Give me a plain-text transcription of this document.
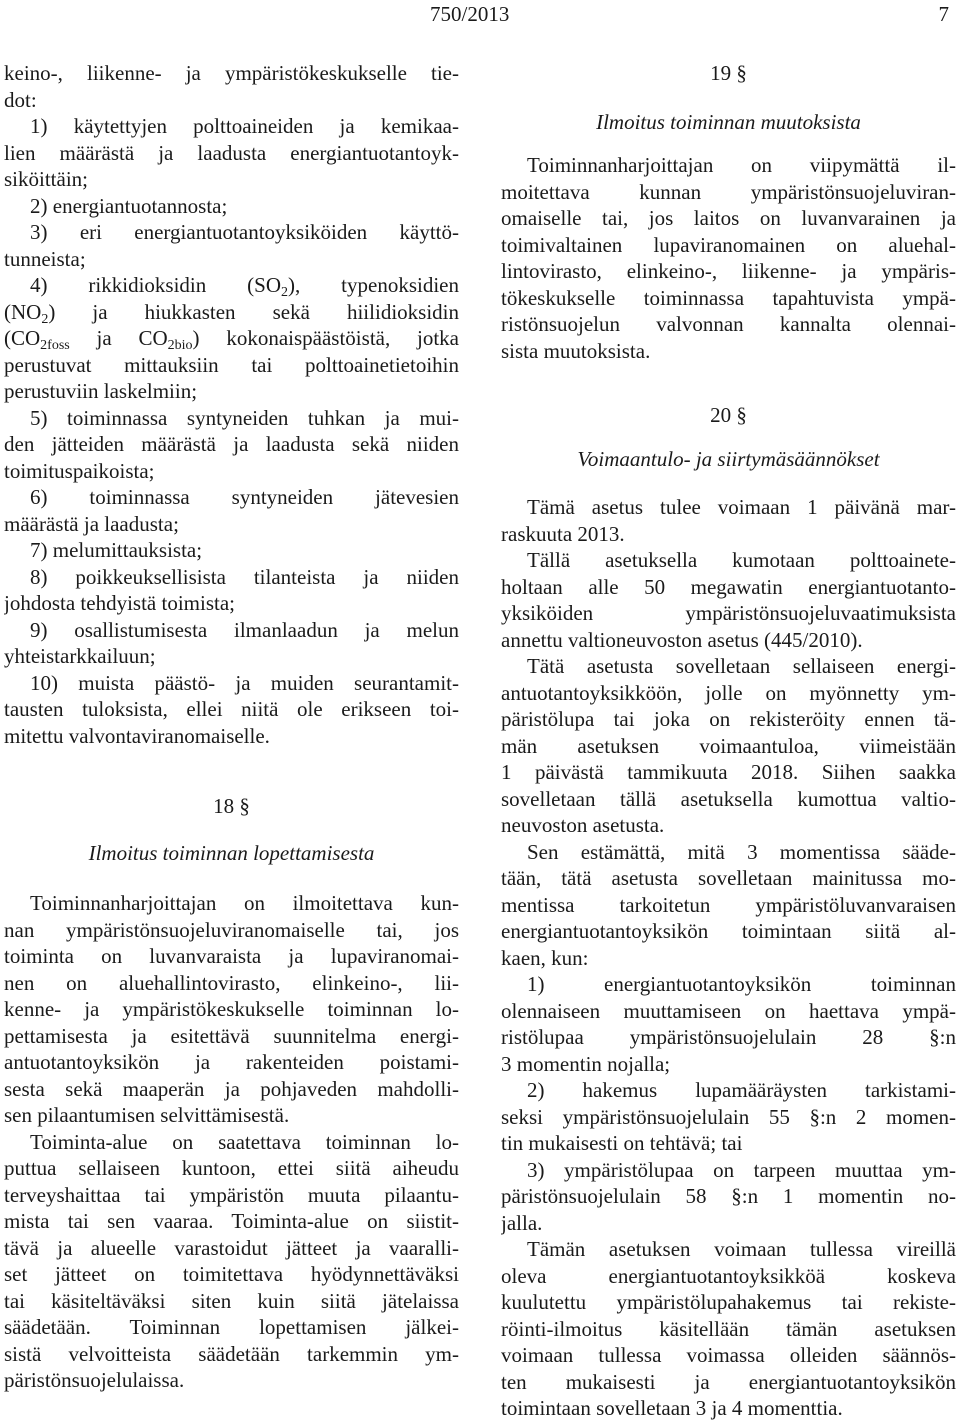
750/2013	7
keino-, liikenne- ja ympäristökeskukselle tie-
dot:
1) käytettyjen polttoaineiden ja kemikaa-
lien määrästä ja laadusta energiantuotantoyk-
siköittäin;
2) energiantuotannosta;
3) eri energiantuotantoyksiköiden käyttö-
tunneista;
4) rikkidioksidin $(SO_2)$, typenoksidien
$(NO_2)$ ja hiukkasten sekä hiilidioksidin
($CO_{2foss}$ ja $CO_{2bio}$) kokonaispäästöistä, jotka
perustuvat mittauksiin tai polttoainetietoihin
perustuviin laskelmiin;
5) toiminnassa syntyneiden tuhkan ja mui-
den jätteiden määrästä ja laadusta sekä niiden
toimituspaikoista;
6) toiminnassa syntyneiden jätevesien
määrästä ja laadusta;
7) melumittauksista;
8) poikkeuksellisista tilanteista ja niiden
johdosta tehdyistä toimista;
9) osallistumisesta ilmanlaadun ja melun
yhteistarkkailuun;
10) muista päästö- ja muiden seurantamit-
tausten tuloksista, ellei niitä ole erikseen toi-
mitettu valvontaviranomaiselle.
18 §
Ilmoitus toiminnan lopettamisesta
Toiminnanharjoittajan on ilmoitettava kun-
nan ympäristönsuojeluviranomaiselle tai, jos
toiminta on luvanvaraista ja lupaviranomai-
nen on aluehallintovirasto, elinkeino-, lii-
kenne- ja ympäristökeskukselle toiminnan lo-
pettamisesta ja esitettävä suunnitelma energi-
antuotantoyksikön ja rakenteiden poistami-
sesta sekä maaperän ja pohjaveden mahdolli-
sen pilaantumisen selvittämisestä.
Toiminta-alue on saatettava toiminnan lo-
puttua sellaiseen kuntoon, ettei siitä aiheudu
terveyshaittaa tai ympäristön muuta pilaantu-
mista tai sen vaaraa. Toiminta-alue on siistit-
tävä ja alueelle varastoidut jätteet ja vaaralli-
set jätteet on toimitettava hyödynnettäväksi
tai käsiteltäväksi siten kuin siitä jätelaissa
säädetään. Toiminnan lopettamisen jälkei-
sistä velvoitteista säädetään tarkemmin ym-
päristönsuojelulaissa.
19 §
Ilmoitus toiminnan muutoksista
Toiminnanharjoittajan on viipymättä il-
moitettava kunnan ympäristönsuojeluviran-
omaiselle tai, jos laitos on luvanvarainen ja
toimivaltainen lupaviranomainen on aluehal-
lintovirasto, elinkeino-, liikenne- ja ympäris-
tökeskukselle toiminnassa tapahtuvista ympä-
ristönsuojelun valvonnan kannalta olennai-
sista muutoksista.
20 §
Voimaantulo- ja siirtymäsäännökset
Tämä asetus tulee voimaan 1 päivänä mar-
raskuuta 2013.
Tällä asetuksella kumotaan polttoainete-
holtaan alle 50 megawatin energiantuotanto-
yksiköiden ympäristönsuojeluvaatimuksista
annettu valtioneuvoston asetus (445/2010).
Tätä asetusta sovelletaan sellaiseen energi-
antuotantoyksikköön, jolle on myönnetty ym-
päristölupa tai joka on rekisteröity ennen tä-
män asetuksen voimaantuloa, viimeistään
1 päivästä tammikuuta 2018. Siihen saakka
sovelletaan tällä asetuksella kumottua valtio-
neuvoston asetusta.
Sen estämättä, mitä 3 momentissa sääde-
tään, tätä asetusta sovelletaan mainitussa mo-
mentissa tarkoitetun ympäristöluvanvaraisen
energiantuotantoyksikön toimintaan siitä al-
kaen, kun:
1) energiantuotantoyksikön toiminnan
olennaiseen muuttamiseen on haettava ympä-
ristölupaa ympäristönsuojelulain 28 §:n
3 momentin nojalla;
2) hakemus lupamääräysten tarkistami-
seksi ympäristönsuojelulain 55 §:n 2 momen-
tin mukaisesti on tehtävä; tai
3) ympäristölupaa on tarpeen muuttaa ym-
päristönsuojelulain 58 §:n 1 momentin no-
jalla.
Tämän asetuksen voimaan tullessa vireillä
oleva energiantuotantoyksikköä koskeva
kuulutettu ympäristölupahakemus tai rekiste-
röinti-ilmoitus käsitellään tämän asetuksen
voimaan tullessa voimassa olleiden säännös-
ten mukaisesti ja energiantuotantoyksikön
toimintaan sovelletaan 3 ja 4 momenttia.
